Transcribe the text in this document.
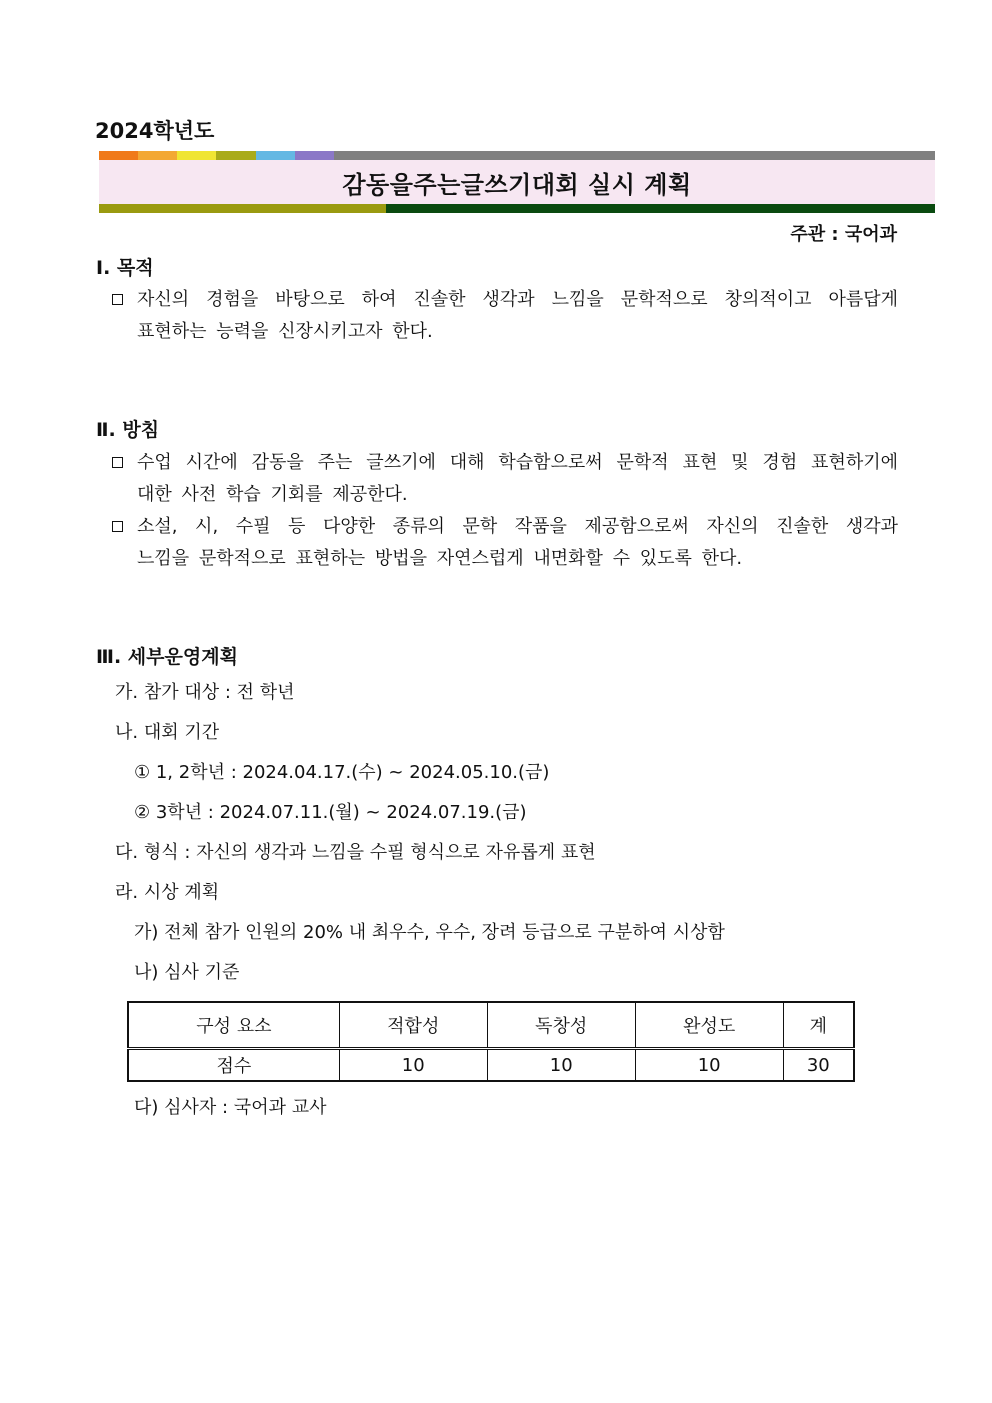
2024학년도
감동을주는글쓰기대회 실시 계획
주관 : 국어과
Ⅰ. 목적
자신의 경험을 바탕으로 하여 진솔한 생각과 느낌을 문학적으로 창의적이고 아름답게
표현하는 능력을 신장시키고자 한다.
Ⅱ. 방침
수업 시간에 감동을 주는 글쓰기에 대해 학습함으로써 문학적 표현 및 경험 표현하기에
대한 사전 학습 기회를 제공한다.
소설, 시, 수필 등 다양한 종류의 문학 작품을 제공함으로써 자신의 진솔한 생각과
느낌을 문학적으로 표현하는 방법을 자연스럽게 내면화할 수 있도록 한다.
Ⅲ. 세부운영계획
가. 참가 대상 : 전 학년
나. 대회 기간
① 1, 2학년 : 2024.04.17.(수) ~ 2024.05.10.(금)
② 3학년 : 2024.07.11.(월) ~ 2024.07.19.(금)
다. 형식 : 자신의 생각과 느낌을 수필 형식으로 자유롭게 표현
라. 시상 계획
가) 전체 참가 인원의 20% 내 최우수, 우수, 장려 등급으로 구분하여 시상함
나) 심사 기준
구성 요소	적합성	독창성	완성도	계
점수	10	10	10	30
다) 심사자 : 국어과 교사
